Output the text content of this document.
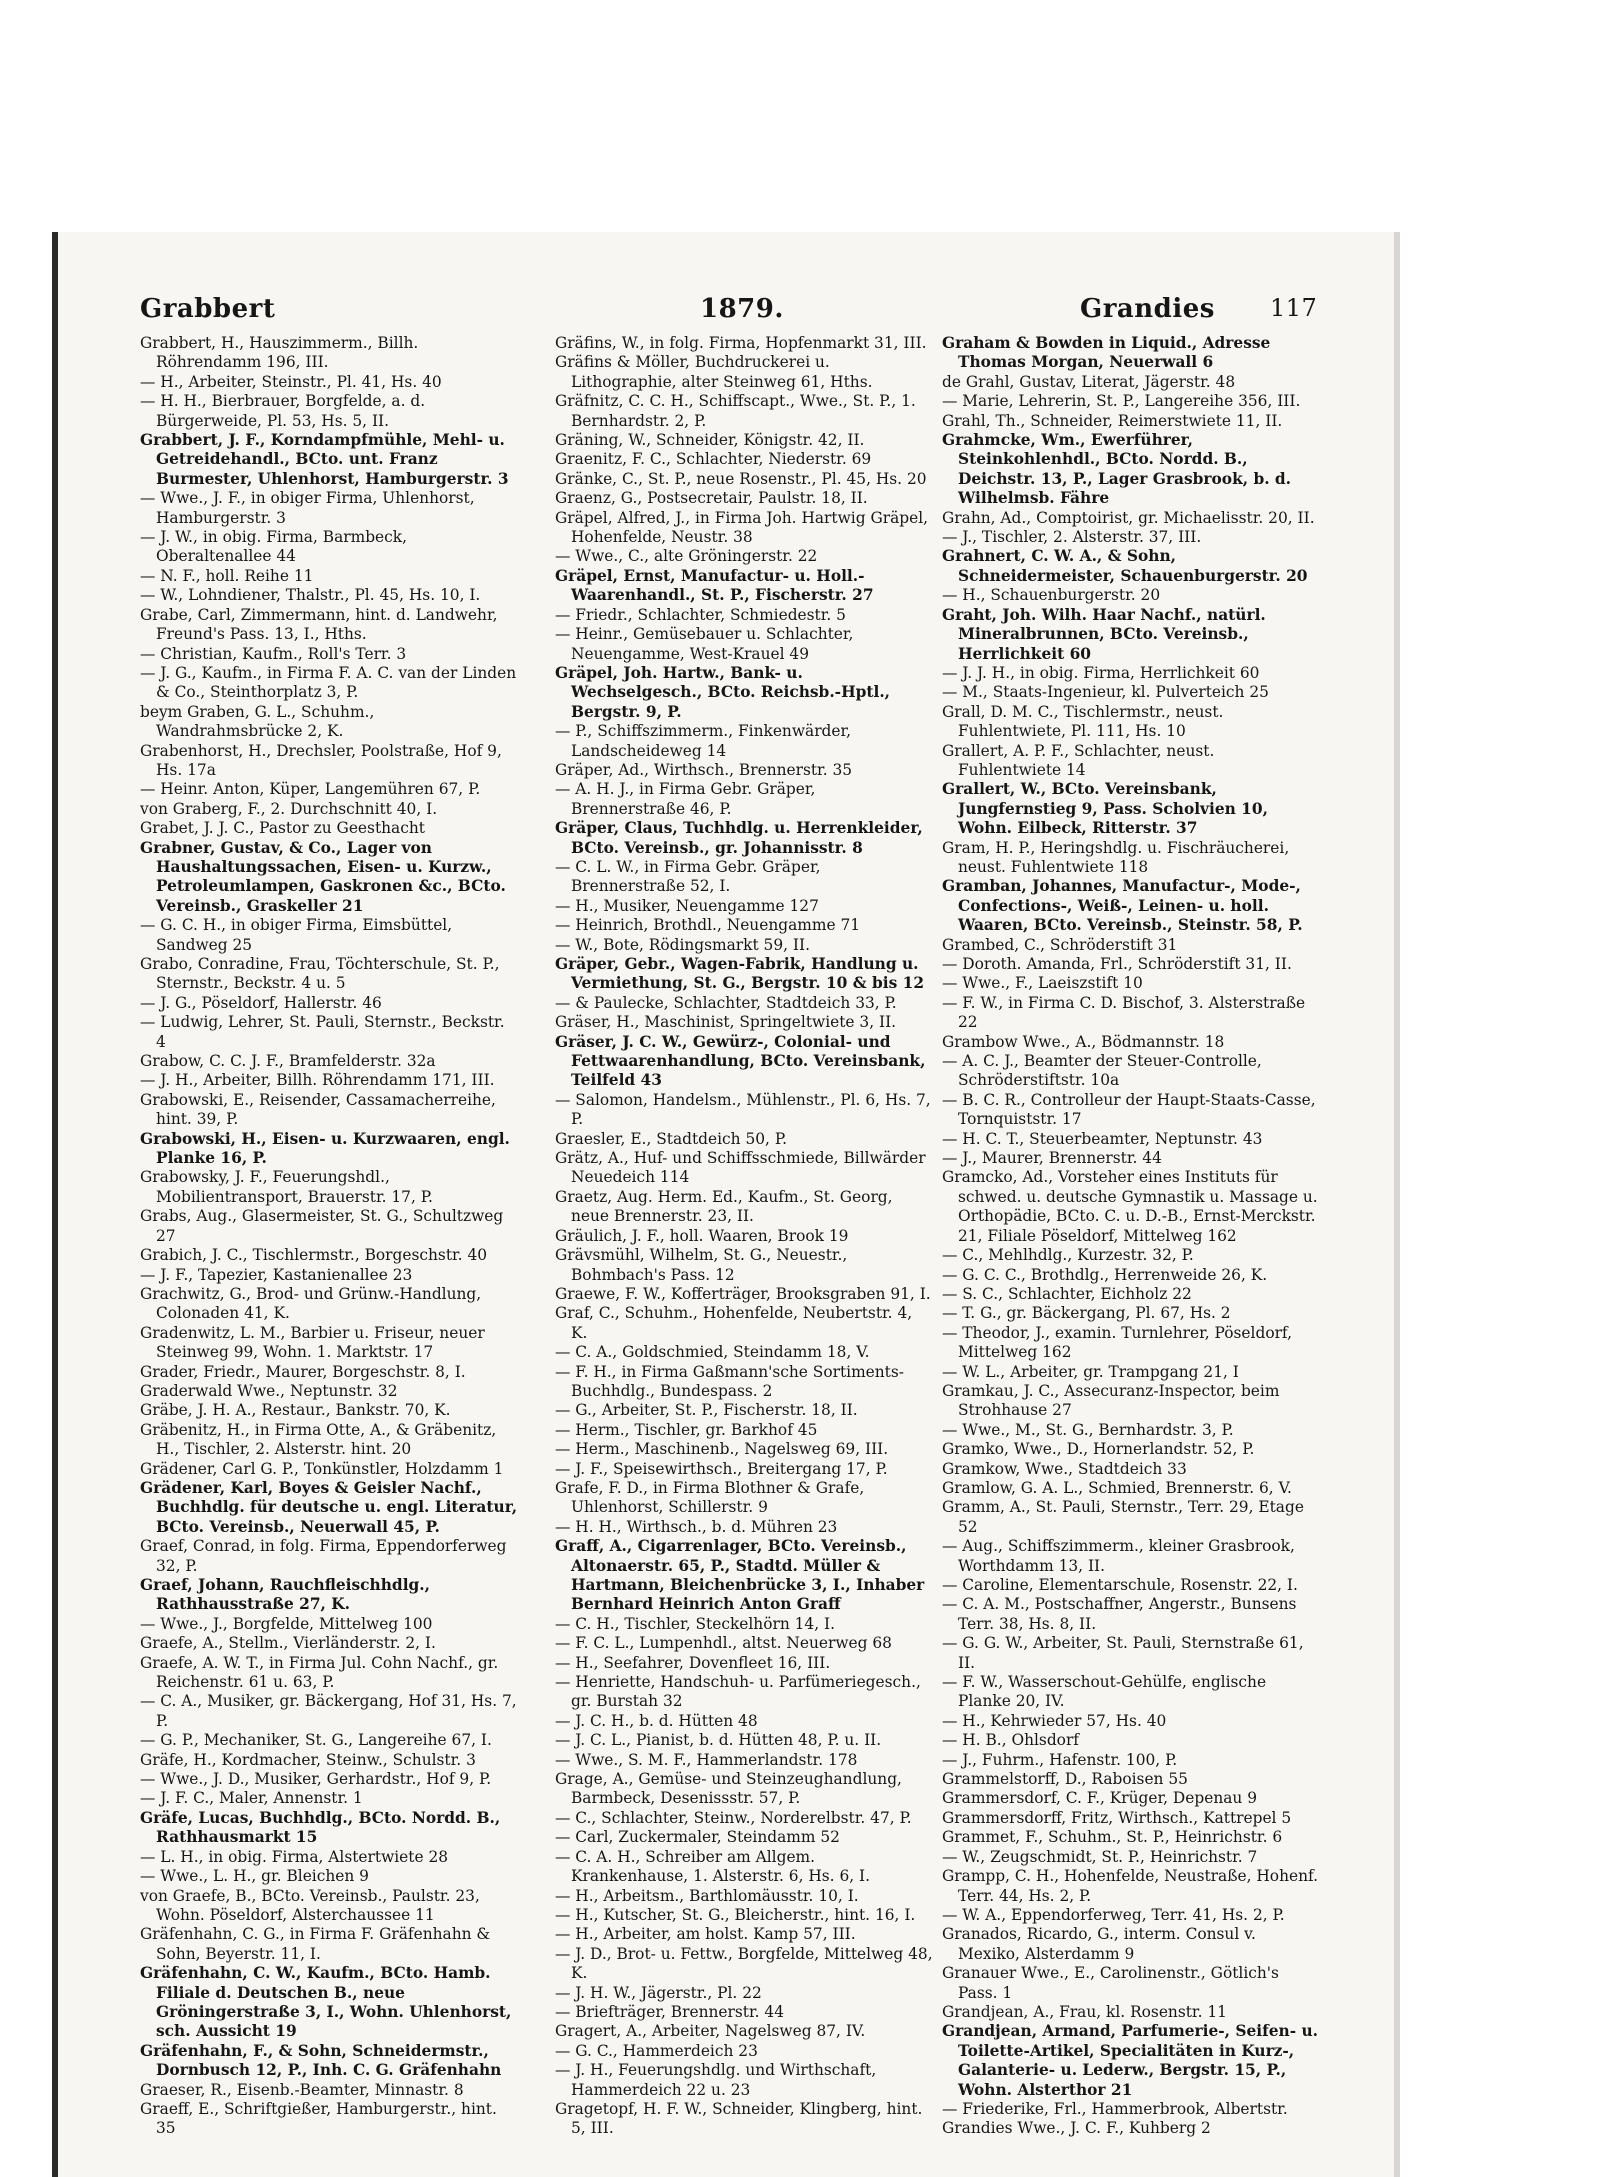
Grabbert	1879.	Grandies 117

Grabbert, H., Hauszimmerm., Billh. Röhrendamm 196, III.

— H., Arbeiter, Steinstr., Pl. 41, Hs. 40

— H. H., Bierbrauer, Borgfelde, a. d. Bürgerweide, Pl. 53, Hs. 5, II.

Grabbert, J. F., Korndampfmühle, Mehl- u. Getreidehandl., BCto. unt. Franz Burmester, Uhlenhorst, Hamburgerstr. 3

— Wwe., J. F., in obiger Firma, Uhlenhorst, Hamburgerstr. 3

— J. W., in obig. Firma, Barmbeck, Oberaltenallee 44

— N. F., holl. Reihe 11

— W., Lohndiener, Thalstr., Pl. 45, Hs. 10, I.

Grabe, Carl, Zimmermann, hint. d. Landwehr, Freund's Pass. 13, I., Hths.

— Christian, Kaufm., Roll's Terr. 3

— J. G., Kaufm., in Firma F. A. C. van der Linden & Co., Steinthorplatz 3, P.

beym Graben, G. L., Schuhm., Wandrahmsbrücke 2, K.

Grabenhorst, H., Drechsler, Poolstraße, Hof 9, Hs. 17a

— Heinr. Anton, Küper, Langemühren 67, P.

von Graberg, F., 2. Durchschnitt 40, I.

Grabet, J. J. C., Pastor zu Geesthacht

Grabner, Gustav, & Co., Lager von Haushaltungssachen, Eisen- u. Kurzw., Petroleumlampen, Gaskronen &c., BCto. Vereinsb., Graskeller 21

— G. C. H., in obiger Firma, Eimsbüttel, Sandweg 25

Grabo, Conradine, Frau, Töchterschule, St. P., Sternstr., Beckstr. 4 u. 5

— J. G., Pöseldorf, Hallerstr. 46

— Ludwig, Lehrer, St. Pauli, Sternstr., Beckstr. 4

Grabow, C. C. J. F., Bramfelderstr. 32a

— J. H., Arbeiter, Billh. Röhrendamm 171, III.

Grabowski, E., Reisender, Cassamacherreihe, hint. 39, P.

Grabowski, H., Eisen- u. Kurzwaaren, engl. Planke 16, P.

Grabowsky, J. F., Feuerungshdl., Mobilientransport, Brauerstr. 17, P.

Grabs, Aug., Glasermeister, St. G., Schultzweg 27

Grabich, J. C., Tischlermstr., Borgeschstr. 40

— J. F., Tapezier, Kastanienallee 23

Grachwitz, G., Brod- und Grünw.-Handlung, Colonaden 41, K.

Gradenwitz, L. M., Barbier u. Friseur, neuer Steinweg 99, Wohn. 1. Marktstr. 17

Grader, Friedr., Maurer, Borgeschstr. 8, I.

Graderwald Wwe., Neptunstr. 32

Gräbe, J. H. A., Restaur., Bankstr. 70, K.

Gräbenitz, H., in Firma Otte, A., & Gräbenitz, H., Tischler, 2. Alsterstr. hint. 20

Grädener, Carl G. P., Tonkünstler, Holzdamm 1

Grädener, Karl, Boyes & Geisler Nachf., Buchhdlg. für deutsche u. engl. Literatur, BCto. Vereinsb., Neuerwall 45, P.

Graef, Conrad, in folg. Firma, Eppendorferweg 32, P.

Graef, Johann, Rauchfleischhdlg., Rathhausstraße 27, K.

— Wwe., J., Borgfelde, Mittelweg 100

Graefe, A., Stellm., Vierländerstr. 2, I.

Graefe, A. W. T., in Firma Jul. Cohn Nachf., gr. Reichenstr. 61 u. 63, P.

— C. A., Musiker, gr. Bäckergang, Hof 31, Hs. 7, P.

— G. P., Mechaniker, St. G., Langereihe 67, I.

Gräfe, H., Kordmacher, Steinw., Schulstr. 3

— Wwe., J. D., Musiker, Gerhardstr., Hof 9, P.

— J. F. C., Maler, Annenstr. 1

Gräfe, Lucas, Buchhdlg., BCto. Nordd. B., Rathhausmarkt 15

— L. H., in obig. Firma, Alstertwiete 28

— Wwe., L. H., gr. Bleichen 9

von Graefe, B., BCto. Vereinsb., Paulstr. 23, Wohn. Pöseldorf, Alsterchaussee 11

Gräfenhahn, C. G., in Firma F. Gräfenhahn & Sohn, Beyerstr. 11, I.

Gräfenhahn, C. W., Kaufm., BCto. Hamb. Filiale d. Deutschen B., neue Gröningerstraße 3, I., Wohn. Uhlenhorst, sch. Aussicht 19

Gräfenhahn, F., & Sohn, Schneidermstr., Dornbusch 12, P., Inh. C. G. Gräfenhahn

Graeser, R., Eisenb.-Beamter, Minnastr. 8

Graeff, E., Schriftgießer, Hamburgerstr., hint. 35

Gräfins, W., in folg. Firma, Hopfenmarkt 31, III.

Gräfins & Möller, Buchdruckerei u. Lithographie, alter Steinweg 61, Hths.

Gräfnitz, C. C. H., Schiffscapt., Wwe., St. P., 1. Bernhardstr. 2, P.

Gräning, W., Schneider, Königstr. 42, II.

Graenitz, F. C., Schlachter, Niederstr. 69

Gränke, C., St. P., neue Rosenstr., Pl. 45, Hs. 20

Graenz, G., Postsecretair, Paulstr. 18, II.

Gräpel, Alfred, J., in Firma Joh. Hartwig Gräpel, Hohenfelde, Neustr. 38

— Wwe., C., alte Gröningerstr. 22

Gräpel, Ernst, Manufactur- u. Holl.-Waarenhandl., St. P., Fischerstr. 27

— Friedr., Schlachter, Schmiedestr. 5

— Heinr., Gemüsebauer u. Schlachter, Neuengamme, West-Krauel 49

Gräpel, Joh. Hartw., Bank- u. Wechselgesch., BCto. Reichsb.-Hptl., Bergstr. 9, P.

— P., Schiffszimmerm., Finkenwärder, Landscheideweg 14

Gräper, Ad., Wirthsch., Brennerstr. 35

— A. H. J., in Firma Gebr. Gräper, Brennerstraße 46, P.

Gräper, Claus, Tuchhdlg. u. Herrenkleider, BCto. Vereinsb., gr. Johannisstr. 8

— C. L. W., in Firma Gebr. Gräper, Brennerstraße 52, I.

— H., Musiker, Neuengamme 127

— Heinrich, Brothdl., Neuengamme 71

— W., Bote, Rödingsmarkt 59, II.

Gräper, Gebr., Wagen-Fabrik, Handlung u. Vermiethung, St. G., Bergstr. 10 & bis 12

— & Paulecke, Schlachter, Stadtdeich 33, P.

Gräser, H., Maschinist, Springeltwiete 3, II.

Gräser, J. C. W., Gewürz-, Colonial- und Fettwaarenhandlung, BCto. Vereinsbank, Teilfeld 43

— Salomon, Handelsm., Mühlenstr., Pl. 6, Hs. 7, P.

Graesler, E., Stadtdeich 50, P.

Grätz, A., Huf- und Schiffsschmiede, Billwärder Neuedeich 114

Graetz, Aug. Herm. Ed., Kaufm., St. Georg, neue Brennerstr. 23, II.

Gräulich, J. F., holl. Waaren, Brook 19

Grävsmühl, Wilhelm, St. G., Neuestr., Bohmbach's Pass. 12

Graewe, F. W., Kofferträger, Brooksgraben 91, I.

Graf, C., Schuhm., Hohenfelde, Neubertstr. 4, K.

— C. A., Goldschmied, Steindamm 18, V.

— F. H., in Firma Gaßmann'sche Sortiments-Buchhdlg., Bundespass. 2

— G., Arbeiter, St. P., Fischerstr. 18, II.

— Herm., Tischler, gr. Barkhof 45

— Herm., Maschinenb., Nagelsweg 69, III.

— J. F., Speisewirthsch., Breitergang 17, P.

Grafe, F. D., in Firma Blothner & Grafe, Uhlenhorst, Schillerstr. 9

— H. H., Wirthsch., b. d. Mühren 23

Graff, A., Cigarrenlager, BCto. Vereinsb., Altonaerstr. 65, P., Stadtd. Müller & Hartmann, Bleichenbrücke 3, I., Inhaber Bernhard Heinrich Anton Graff

— C. H., Tischler, Steckelhörn 14, I.

— F. C. L., Lumpenhdl., altst. Neuerweg 68

— H., Seefahrer, Dovenfleet 16, III.

— Henriette, Handschuh- u. Parfümeriegesch., gr. Burstah 32

— J. C. H., b. d. Hütten 48

— J. C. L., Pianist, b. d. Hütten 48, P. u. II.

— Wwe., S. M. F., Hammerlandstr. 178

Grage, A., Gemüse- und Steinzeughandlung, Barmbeck, Desenissstr. 57, P.

— C., Schlachter, Steinw., Norderelbstr. 47, P.

— Carl, Zuckermaler, Steindamm 52

— C. A. H., Schreiber am Allgem. Krankenhause, 1. Alsterstr. 6, Hs. 6, I.

— H., Arbeitsm., Barthlomäusstr. 10, I.

— H., Kutscher, St. G., Bleicherstr., hint. 16, I.

— H., Arbeiter, am holst. Kamp 57, III.

— J. D., Brot- u. Fettw., Borgfelde, Mittelweg 48, K.

— J. H. W., Jägerstr., Pl. 22

— Briefträger, Brennerstr. 44

Gragert, A., Arbeiter, Nagelsweg 87, IV.

— G. C., Hammerdeich 23

— J. H., Feuerungshdlg. und Wirthschaft, Hammerdeich 22 u. 23

Gragetopf, H. F. W., Schneider, Klingberg, hint. 5, III.

Graham & Bowden in Liquid., Adresse Thomas Morgan, Neuerwall 6

de Grahl, Gustav, Literat, Jägerstr. 48

— Marie, Lehrerin, St. P., Langereihe 356, III.

Grahl, Th., Schneider, Reimerstwiete 11, II.

Grahmcke, Wm., Ewerführer, Steinkohlenhdl., BCto. Nordd. B., Deichstr. 13, P., Lager Grasbrook, b. d. Wilhelmsb. Fähre

Grahn, Ad., Comptoirist, gr. Michaelisstr. 20, II.

— J., Tischler, 2. Alsterstr. 37, III.

Grahnert, C. W. A., & Sohn, Schneidermeister, Schauenburgerstr. 20

— H., Schauenburgerstr. 20

Graht, Joh. Wilh. Haar Nachf., natürl. Mineralbrunnen, BCto. Vereinsb., Herrlichkeit 60

— J. J. H., in obig. Firma, Herrlichkeit 60

— M., Staats-Ingenieur, kl. Pulverteich 25

Grall, D. M. C., Tischlermstr., neust. Fuhlentwiete, Pl. 111, Hs. 10

Grallert, A. P. F., Schlachter, neust. Fuhlentwiete 14

Grallert, W., BCto. Vereinsbank, Jungfernstieg 9, Pass. Scholvien 10, Wohn. Eilbeck, Ritterstr. 37

Gram, H. P., Heringshdlg. u. Fischräucherei, neust. Fuhlentwiete 118

Gramban, Johannes, Manufactur-, Mode-, Confections-, Weiß-, Leinen- u. holl. Waaren, BCto. Vereinsb., Steinstr. 58, P.

Grambed, C., Schröderstift 31

— Doroth. Amanda, Frl., Schröderstift 31, II.

— Wwe., F., Laeiszstift 10

— F. W., in Firma C. D. Bischof, 3. Alsterstraße 22

Grambow Wwe., A., Bödmannstr. 18

— A. C. J., Beamter der Steuer-Controlle, Schröderstiftstr. 10a

— B. C. R., Controlleur der Haupt-Staats-Casse, Tornquiststr. 17

— H. C. T., Steuerbeamter, Neptunstr. 43

— J., Maurer, Brennerstr. 44

Gramcko, Ad., Vorsteher eines Instituts für schwed. u. deutsche Gymnastik u. Massage u. Orthopädie, BCto. C. u. D.-B., Ernst-Merckstr. 21, Filiale Pöseldorf, Mittelweg 162

— C., Mehlhdlg., Kurzestr. 32, P.

— G. C. C., Brothdlg., Herrenweide 26, K.

— S. C., Schlachter, Eichholz 22

— T. G., gr. Bäckergang, Pl. 67, Hs. 2

— Theodor, J., examin. Turnlehrer, Pöseldorf, Mittelweg 162

— W. L., Arbeiter, gr. Trampgang 21, I

Gramkau, J. C., Assecuranz-Inspector, beim Strohhause 27

— Wwe., M., St. G., Bernhardstr. 3, P.

Gramko, Wwe., D., Hornerlandstr. 52, P.

Gramkow, Wwe., Stadtdeich 33

Gramlow, G. A. L., Schmied, Brennerstr. 6, V.

Gramm, A., St. Pauli, Sternstr., Terr. 29, Etage 52

— Aug., Schiffszimmerm., kleiner Grasbrook, Worthdamm 13, II.

— Caroline, Elementarschule, Rosenstr. 22, I.

— C. A. M., Postschaffner, Angerstr., Bunsens Terr. 38, Hs. 8, II.

— G. G. W., Arbeiter, St. Pauli, Sternstraße 61, II.

— F. W., Wasserschout-Gehülfe, englische Planke 20, IV.

— H., Kehrwieder 57, Hs. 40

— H. B., Ohlsdorf

— J., Fuhrm., Hafenstr. 100, P.

Grammelstorff, D., Raboisen 55

Grammersdorf, C. F., Krüger, Depenau 9

Grammersdorff, Fritz, Wirthsch., Kattrepel 5

Grammet, F., Schuhm., St. P., Heinrichstr. 6

— W., Zeugschmidt, St. P., Heinrichstr. 7

Grampp, C. H., Hohenfelde, Neustraße, Hohenf. Terr. 44, Hs. 2, P.

— W. A., Eppendorferweg, Terr. 41, Hs. 2, P.

Granados, Ricardo, G., interm. Consul v. Mexiko, Alsterdamm 9

Granauer Wwe., E., Carolinenstr., Götlich's Pass. 1

Grandjean, A., Frau, kl. Rosenstr. 11

Grandjean, Armand, Parfumerie-, Seifen- u. Toilette-Artikel, Specialitäten in Kurz-, Galanterie- u. Lederw., Bergstr. 15, P., Wohn. Alsterthor 21

— Friederike, Frl., Hammerbrook, Albertstr.

Grandies Wwe., J. C. F., Kuhberg 2
